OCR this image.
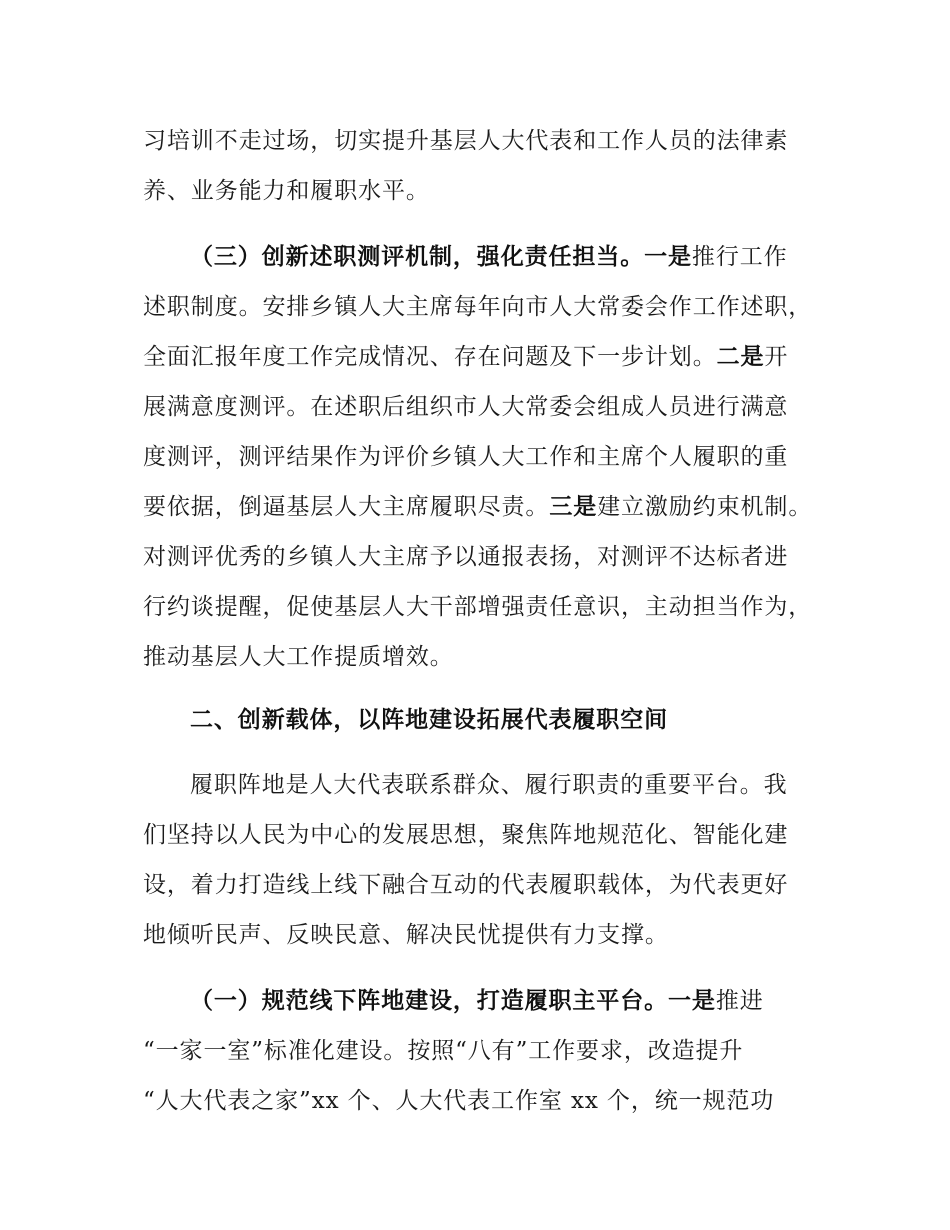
习培训不走过场，切实提升基层人大代表和工作人员的法律素
养、业务能力和履职水平。
（三）创新述职测评机制，强化责任担当。一是推行工作
述职制度。安排乡镇人大主席每年向市人大常委会作工作述职，
全面汇报年度工作完成情况、存在问题及下一步计划。二是开
展满意度测评。在述职后组织市人大常委会组成人员进行满意
度测评，测评结果作为评价乡镇人大工作和主席个人履职的重
要依据，倒逼基层人大主席履职尽责。三是建立激励约束机制。
对测评优秀的乡镇人大主席予以通报表扬，对测评不达标者进
行约谈提醒，促使基层人大干部增强责任意识，主动担当作为，
推动基层人大工作提质增效。
二、创新载体，以阵地建设拓展代表履职空间
履职阵地是人大代表联系群众、履行职责的重要平台。我
们坚持以人民为中心的发展思想，聚焦阵地规范化、智能化建
设，着力打造线上线下融合互动的代表履职载体，为代表更好
地倾听民声、反映民意、解决民忧提供有力支撑。
（一）规范线下阵地建设，打造履职主平台。一是推进
“一家一室”标准化建设。按照“八有”工作要求，改造提升
“人大代表之家”xx 个、人大代表工作室 xx 个，统一规范功
